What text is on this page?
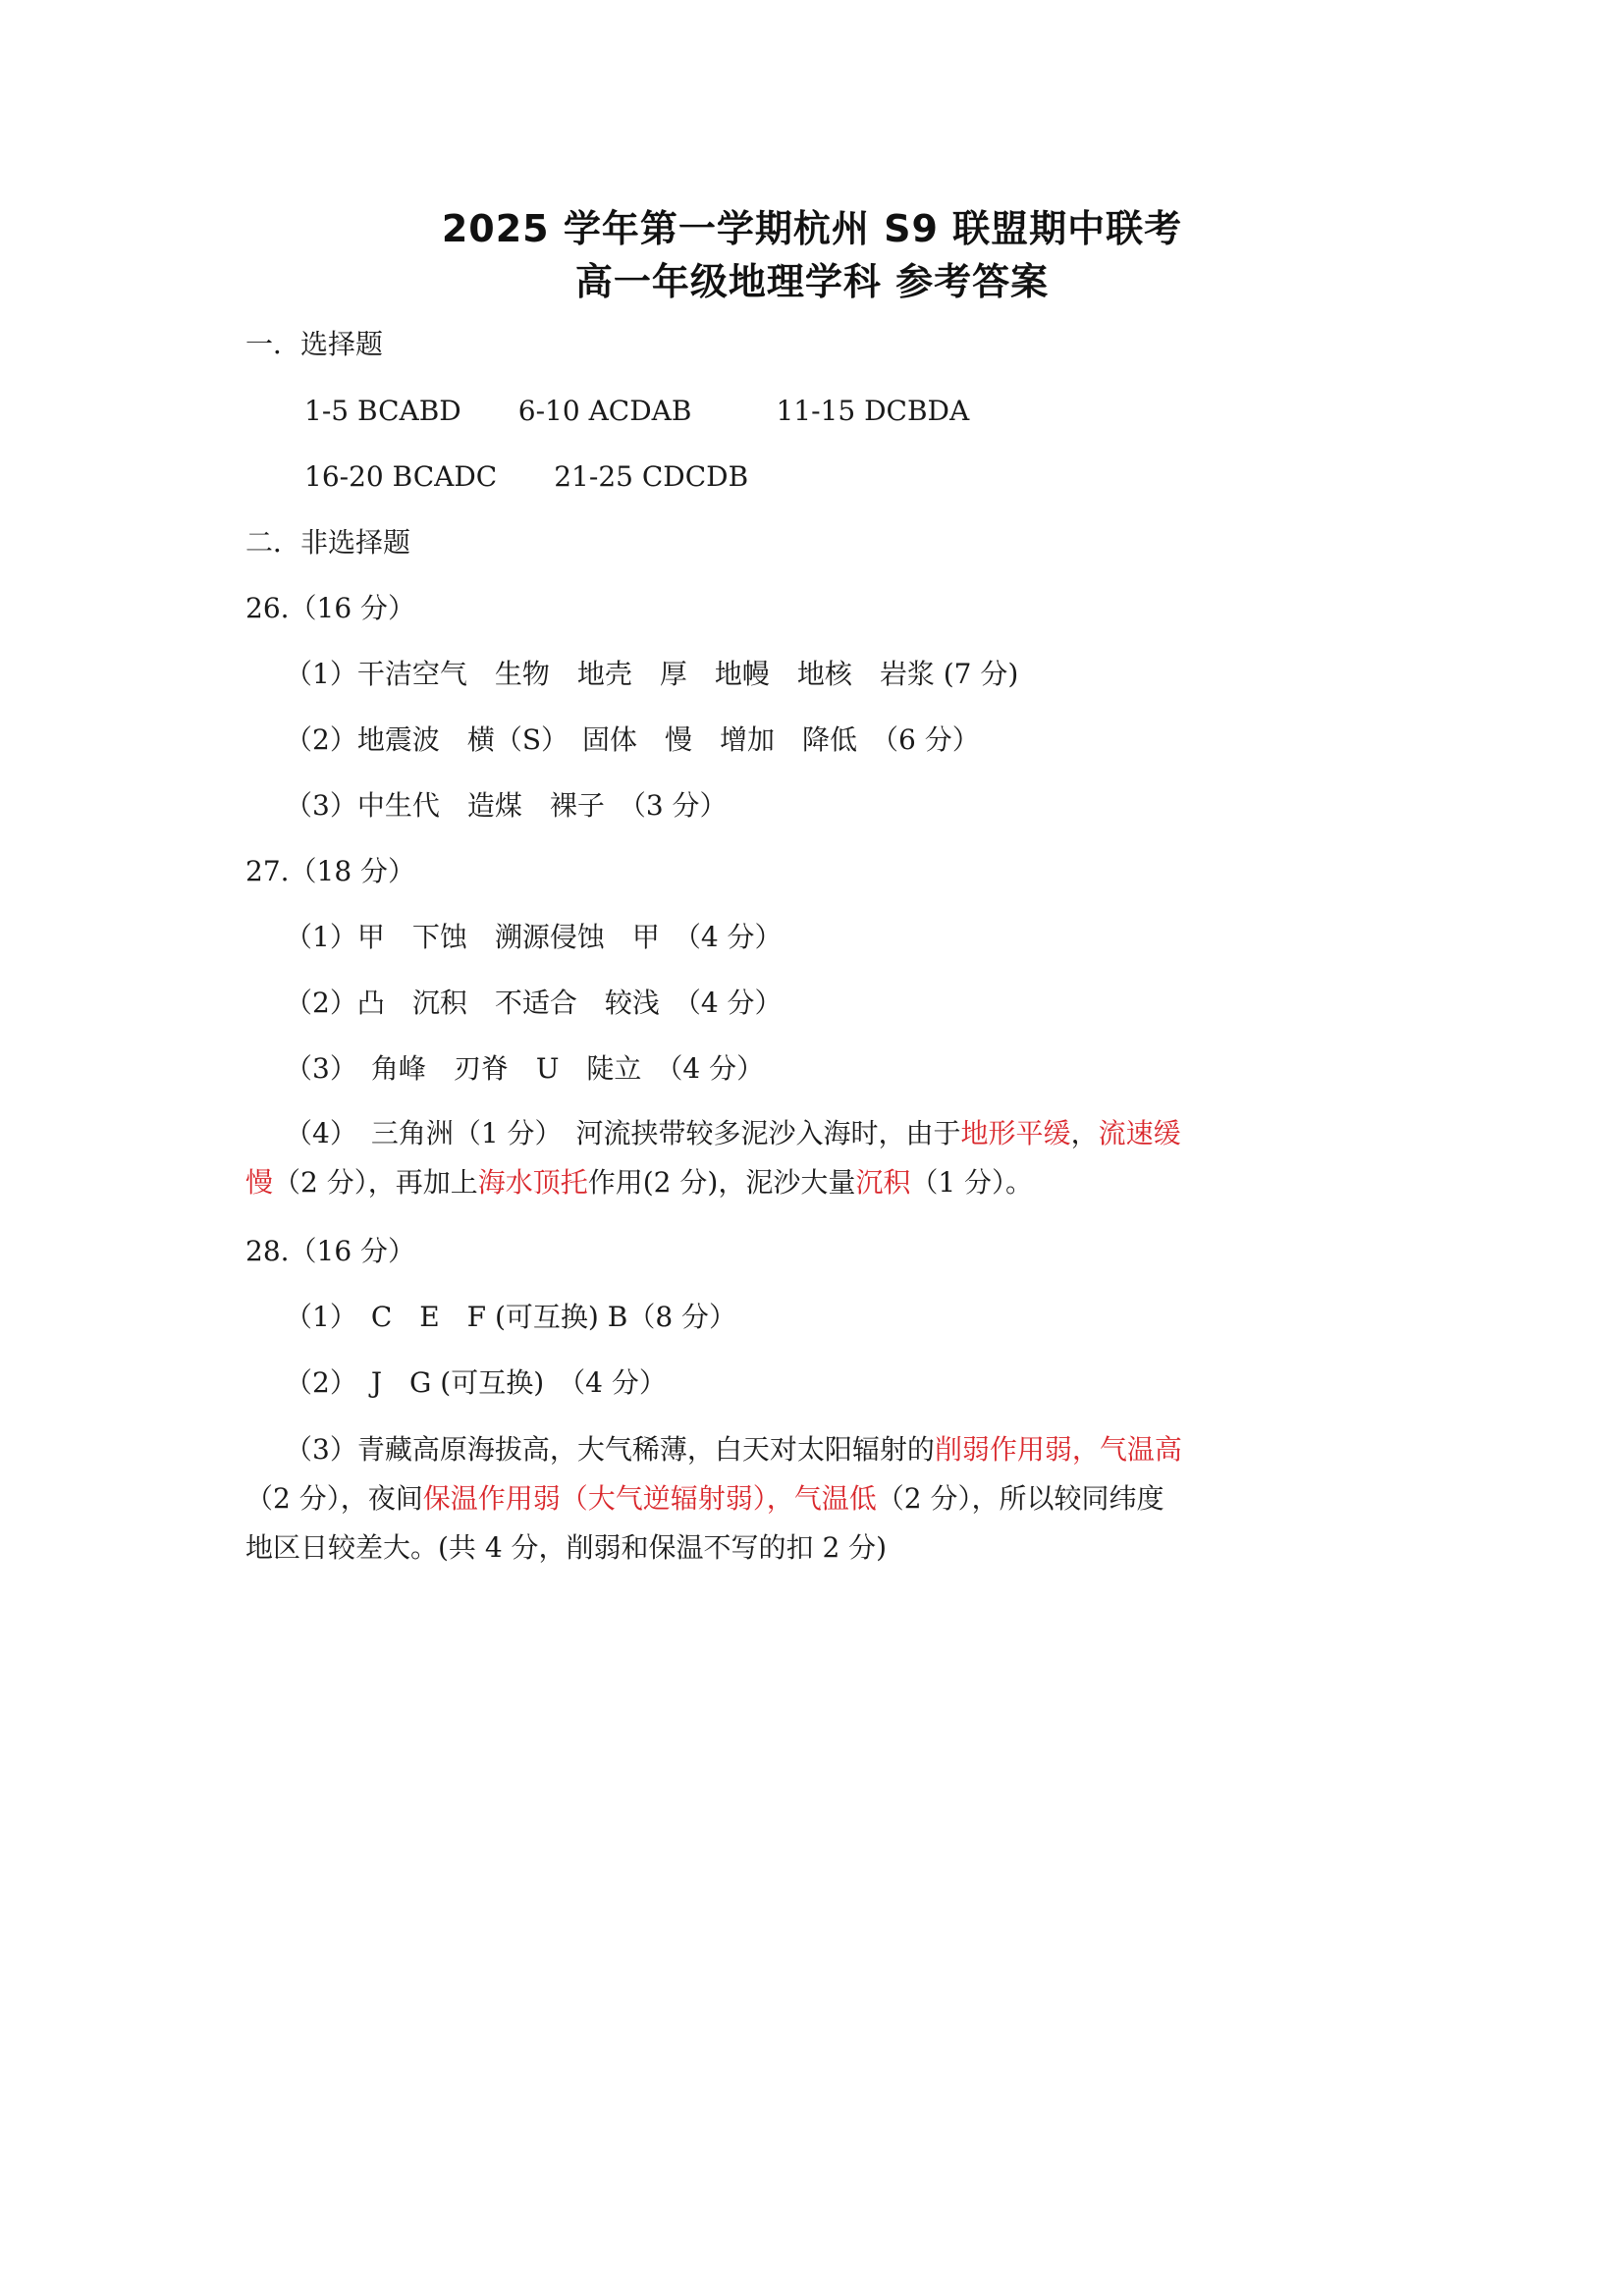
2025 学年第一学期杭州 S9 联盟期中联考
高一年级地理学科 参考答案
一．选择题
1-5 BCABD 6-10 ACDAB	11-15 DCBDA
16-20 BCADC 21-25 CDCDB
二．非选择题
26.（16 分）
（1）干洁空气　生物　地壳　厚　地幔　地核　岩浆 (7 分)
（2）地震波　横（S）　固体　慢　增加　降低　（6 分）
（3）中生代　造煤　裸子　（3 分）
27.（18 分）
（1）甲　下蚀　溯源侵蚀　甲　（4 分）
（2）凸　沉积　不适合　较浅　（4 分）
（3）　角峰　刃脊　U　陡立　（4 分）
（4）　三角洲（1 分）　河流挟带较多泥沙入海时，由于地形平缓，流速缓慢（2 分），再加上海水顶托作用(2 分)，泥沙大量沉积（1 分）。
28.（16 分）
（1）　C　E　F (可互换) B（8 分）
（2）　J　G (可互换)　（4 分）
（3）青藏高原海拔高，大气稀薄，白天对太阳辐射的削弱作用弱，气温高（2 分），夜间保温作用弱（大气逆辐射弱），气温低（2 分），所以较同纬度地区日较差大。(共 4 分，削弱和保温不写的扣 2 分)
